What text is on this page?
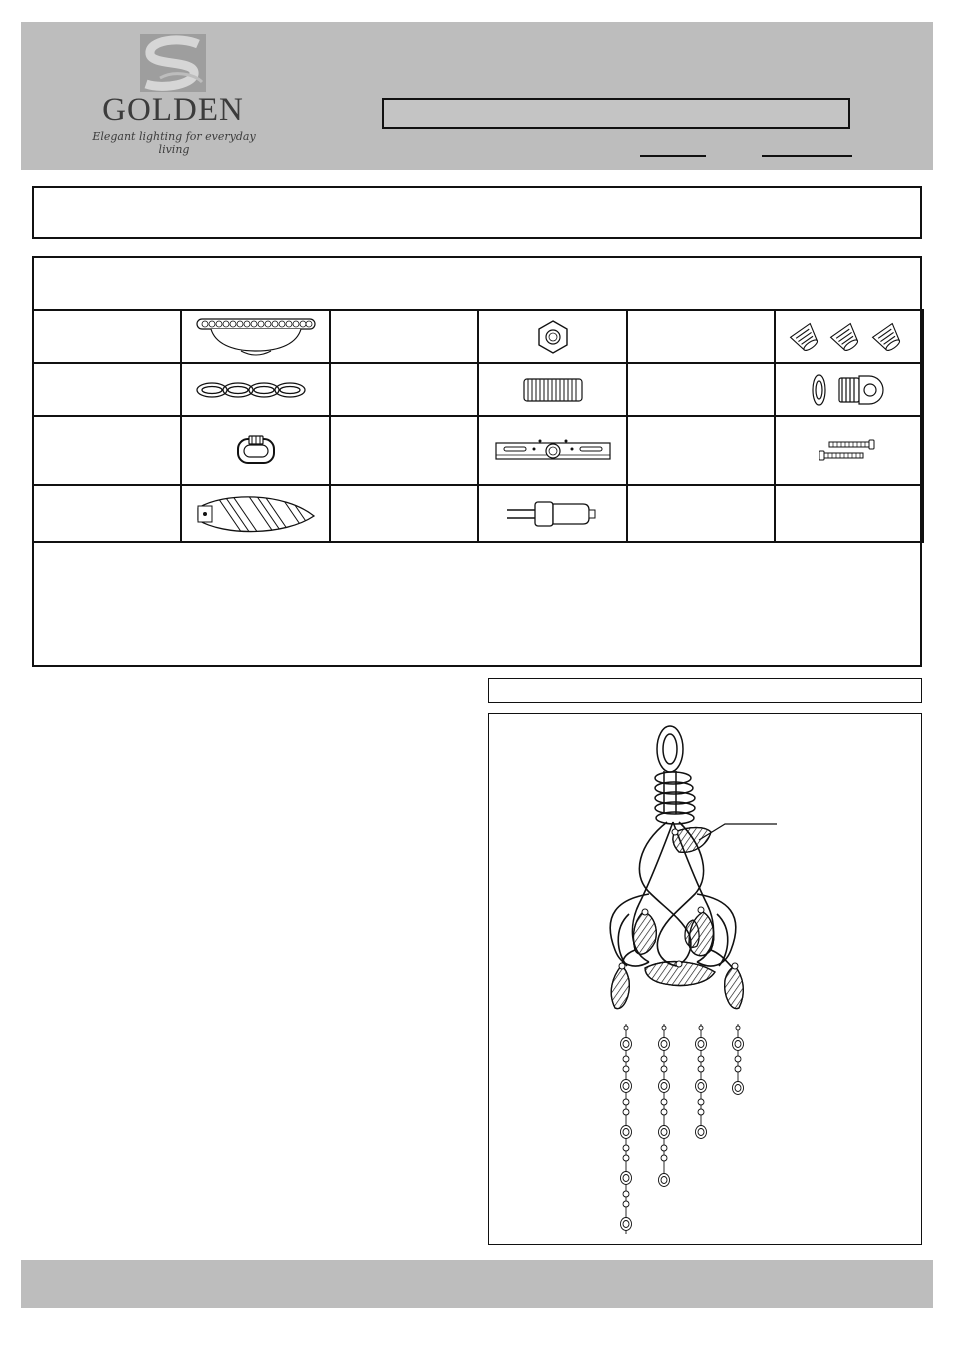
GOLDEN
Elegant lighting for everyday living
